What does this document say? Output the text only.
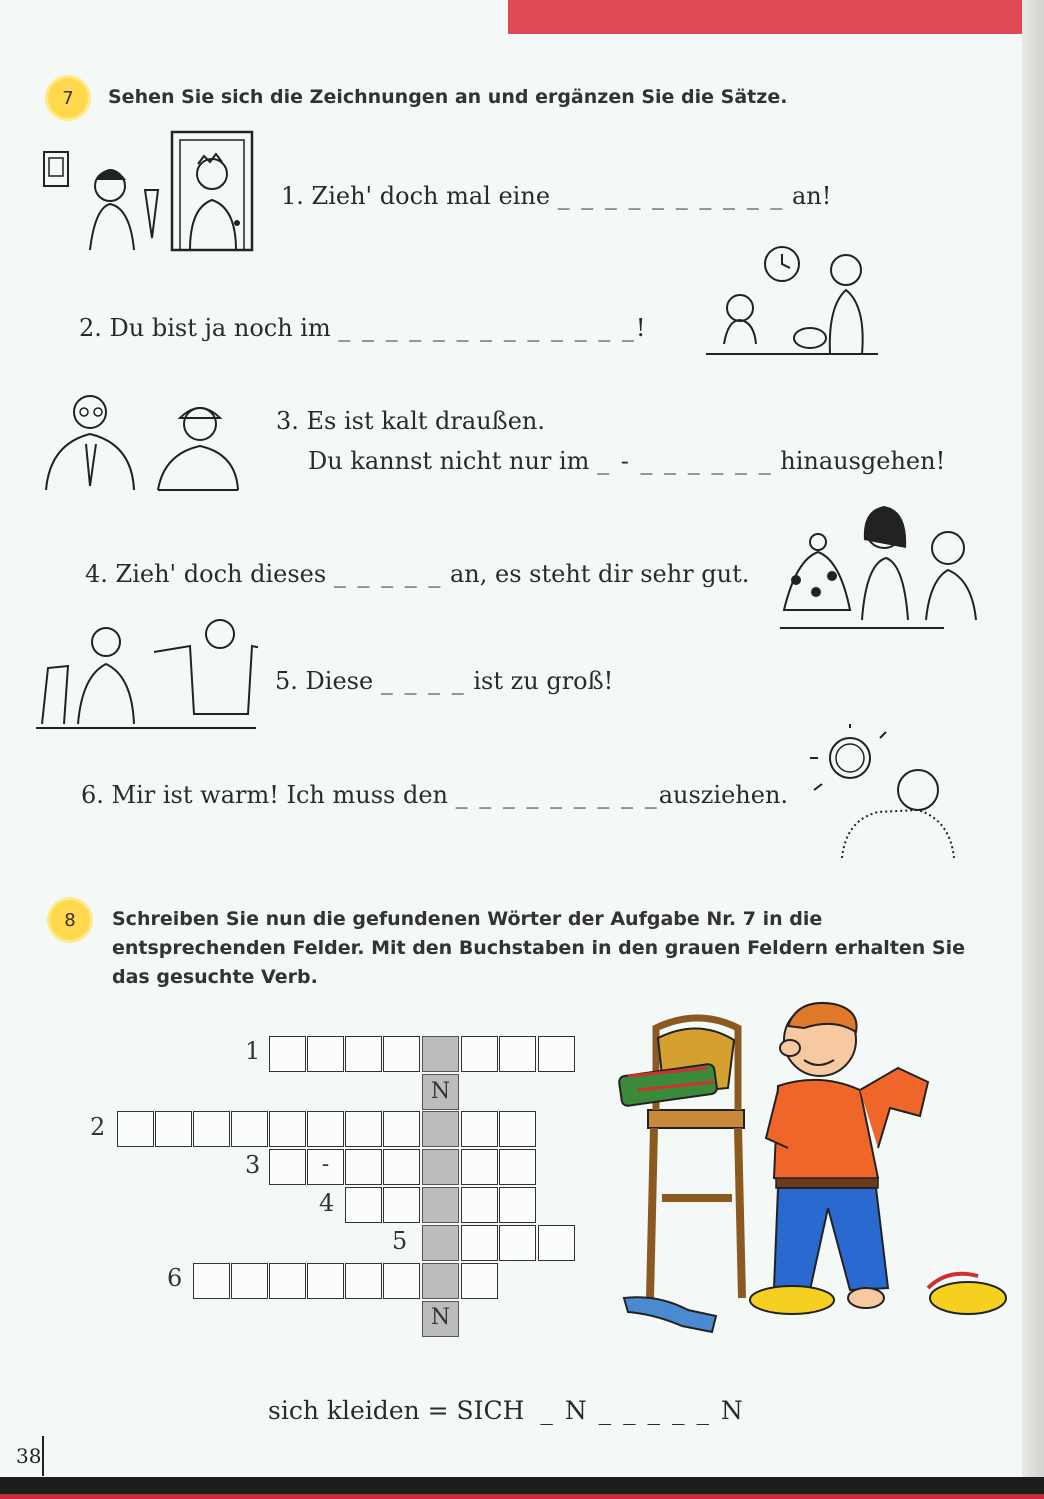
7 Sehen Sie sich die Zeichnungen an und ergänzen Sie die Sätze.
1. Zieh' doch mal eine _ _ _ _ _ _ _ _ _ _ an!
2. Du bist ja noch im _ _ _ _ _ _ _ _ _ _ _ _ _!
3. Es ist kalt draußen.
Du kannst nicht nur im _ - _ _ _ _ _ _ hinausgehen!
4. Zieh' doch dieses _ _ _ _ _ an, es steht dir sehr gut.
5. Diese _ _ _ _ ist zu groß!
6. Mir ist warm! Ich muss den _ _ _ _ _ _ _ _ _ausziehen.
8 Schreiben Sie nun die gefundenen Wörter der Aufgabe Nr. 7 in die
entsprechenden Felder. Mit den Buchstaben in den grauen Feldern erhalten Sie
das gesuchte Verb.
1
N
2
3	-
4
5
6
N
sich kleiden = SICH _ N _ _ _ _ _ N
38
